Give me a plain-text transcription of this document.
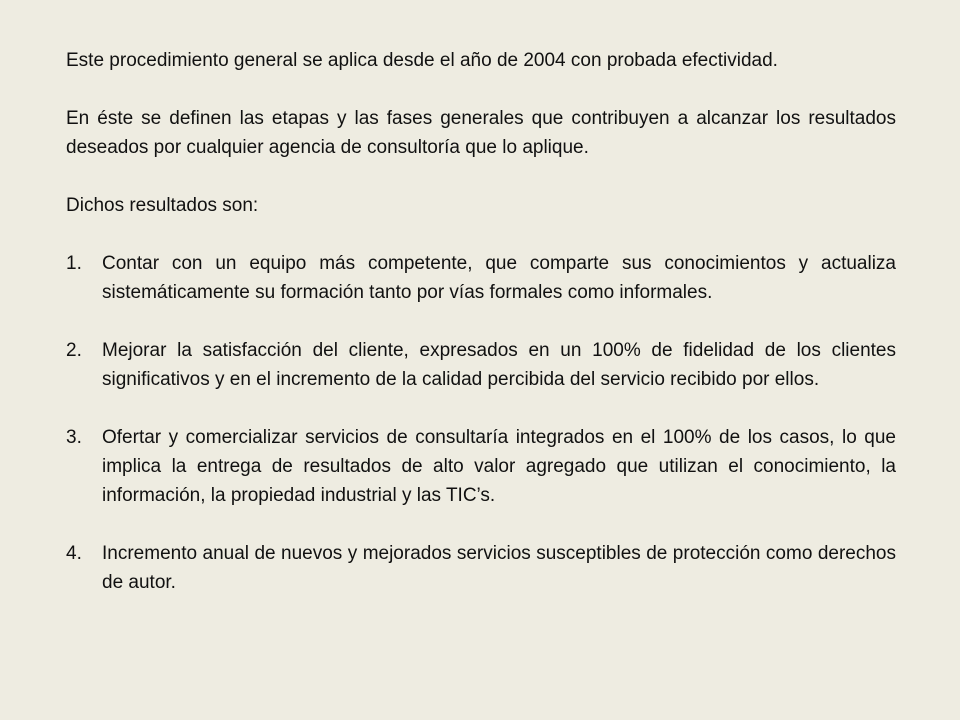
Este procedimiento general se aplica desde el año de 2004 con probada efectividad.

En éste se definen las etapas y las fases generales que contribuyen a alcanzar los resultados deseados por cualquier agencia de consultoría que lo aplique.

Dichos resultados son:

1. Contar con un equipo más competente, que comparte sus conocimientos y actualiza sistemáticamente su formación tanto por vías formales como informales.
2. Mejorar la satisfacción del cliente, expresados en un 100% de fidelidad de los clientes significativos y en el incremento de la calidad percibida del servicio recibido por ellos.
3. Ofertar y comercializar servicios de consultaría integrados en el 100% de los casos, lo que implica la entrega de resultados de alto valor agregado que utilizan el conocimiento, la información, la propiedad industrial y las TIC’s.
4. Incremento anual de nuevos y mejorados servicios susceptibles de protección como derechos de autor.
